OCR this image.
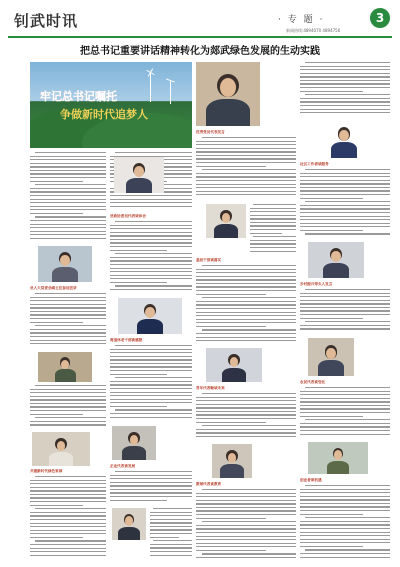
钊武时讯	· 专 题 ·	3
新闻热线:4894070 4894756
把总书记重要讲话精神转化为郯武绿色发展的生动实践
牢记总书记嘱托
争做新时代追梦人
县人大常委会副主任参加宣讲
共建新时代绿色家园
县政协委员代表谈体会
离退休老干部谈感想
企业代表谈发展
优秀党员代表发言
基层干部谈落实
青年代表畅谈未来
教师代表谈教育
社区工作者谈服务
乡村振兴带头人发言
农民代表谈变化
创业者谈机遇
